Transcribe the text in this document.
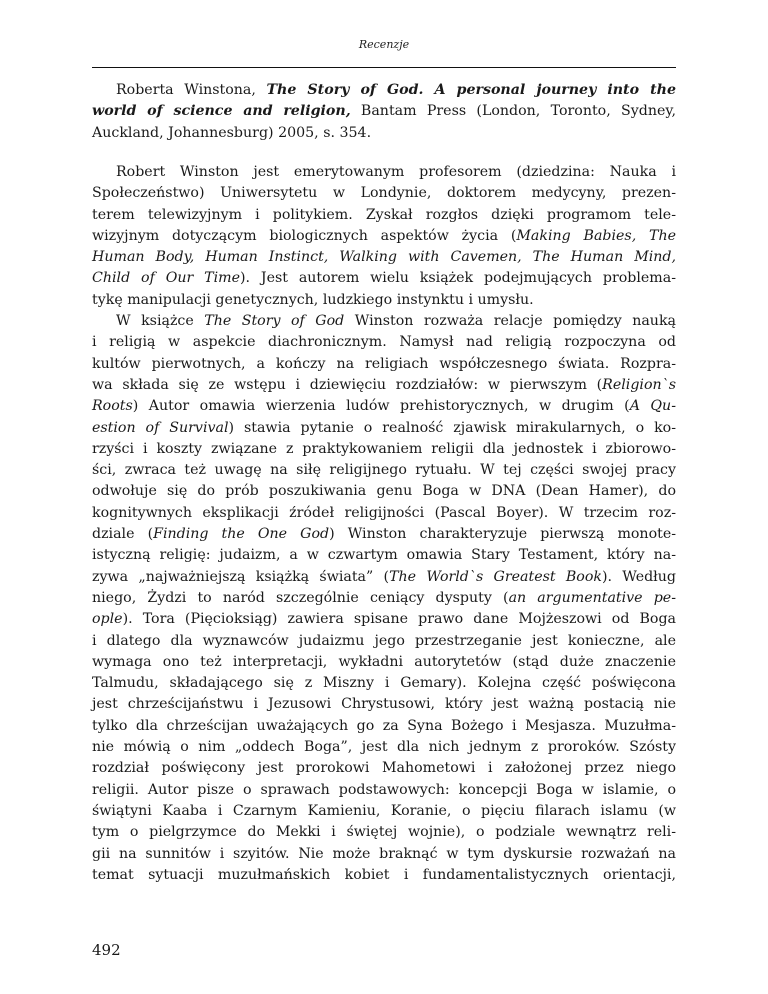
Recenzje
Roberta Winstona, The Story of God. A personal journey into the
world of science and religion, Bantam Press (London, Toronto, Sydney,
Auckland, Johannesburg) 2005, s. 354.
Robert Winston jest emerytowanym profesorem (dziedzina: Nauka i
Społeczeństwo) Uniwersytetu w Londynie, doktorem medycyny, prezen-
terem telewizyjnym i politykiem. Zyskał rozgłos dzięki programom tele-
wizyjnym dotyczącym biologicznych aspektów życia (Making Babies, The
Human Body, Human Instinct, Walking with Cavemen, The Human Mind,
Child of Our Time). Jest autorem wielu książek podejmujących problema-
tykę manipulacji genetycznych, ludzkiego instynktu i umysłu.
W książce The Story of God Winston rozważa relacje pomiędzy nauką
i religią w aspekcie diachronicznym. Namysł nad religią rozpoczyna od
kultów pierwotnych, a kończy na religiach współczesnego świata. Rozpra-
wa składa się ze wstępu i dziewięciu rozdziałów: w pierwszym (Religion`s
Roots) Autor omawia wierzenia ludów prehistorycznych, w drugim (A Qu-
estion of Survival) stawia pytanie o realność zjawisk mirakularnych, o ko-
rzyści i koszty związane z praktykowaniem religii dla jednostek i zbiorowo-
ści, zwraca też uwagę na siłę religijnego rytuału. W tej części swojej pracy
odwołuje się do prób poszukiwania genu Boga w DNA (Dean Hamer), do
kognitywnych eksplikacji źródeł religijności (Pascal Boyer). W trzecim roz-
dziale (Finding the One God) Winston charakteryzuje pierwszą monote-
istyczną religię: judaizm, a w czwartym omawia Stary Testament, który na-
zywa „najważniejszą książką świata” (The World`s Greatest Book). Według
niego, Żydzi to naród szczególnie ceniący dysputy (an argumentative pe-
ople). Tora (Pięcioksiąg) zawiera spisane prawo dane Mojżeszowi od Boga
i dlatego dla wyznawców judaizmu jego przestrzeganie jest konieczne, ale
wymaga ono też interpretacji, wykładni autorytetów (stąd duże znaczenie
Talmudu, składającego się z Miszny i Gemary). Kolejna część poświęcona
jest chrześcijaństwu i Jezusowi Chrystusowi, który jest ważną postacią nie
tylko dla chrześcijan uważających go za Syna Bożego i Mesjasza. Muzułma-
nie mówią o nim „oddech Boga”, jest dla nich jednym z proroków. Szósty
rozdział poświęcony jest prorokowi Mahometowi i założonej przez niego
religii. Autor pisze o sprawach podstawowych: koncepcji Boga w islamie, o
świątyni Kaaba i Czarnym Kamieniu, Koranie, o pięciu filarach islamu (w
tym o pielgrzymce do Mekki i świętej wojnie), o podziale wewnątrz reli-
gii na sunnitów i szyitów. Nie może braknąć w tym dyskursie rozważań na
temat sytuacji muzułmańskich kobiet i fundamentalistycznych orientacji,
492
